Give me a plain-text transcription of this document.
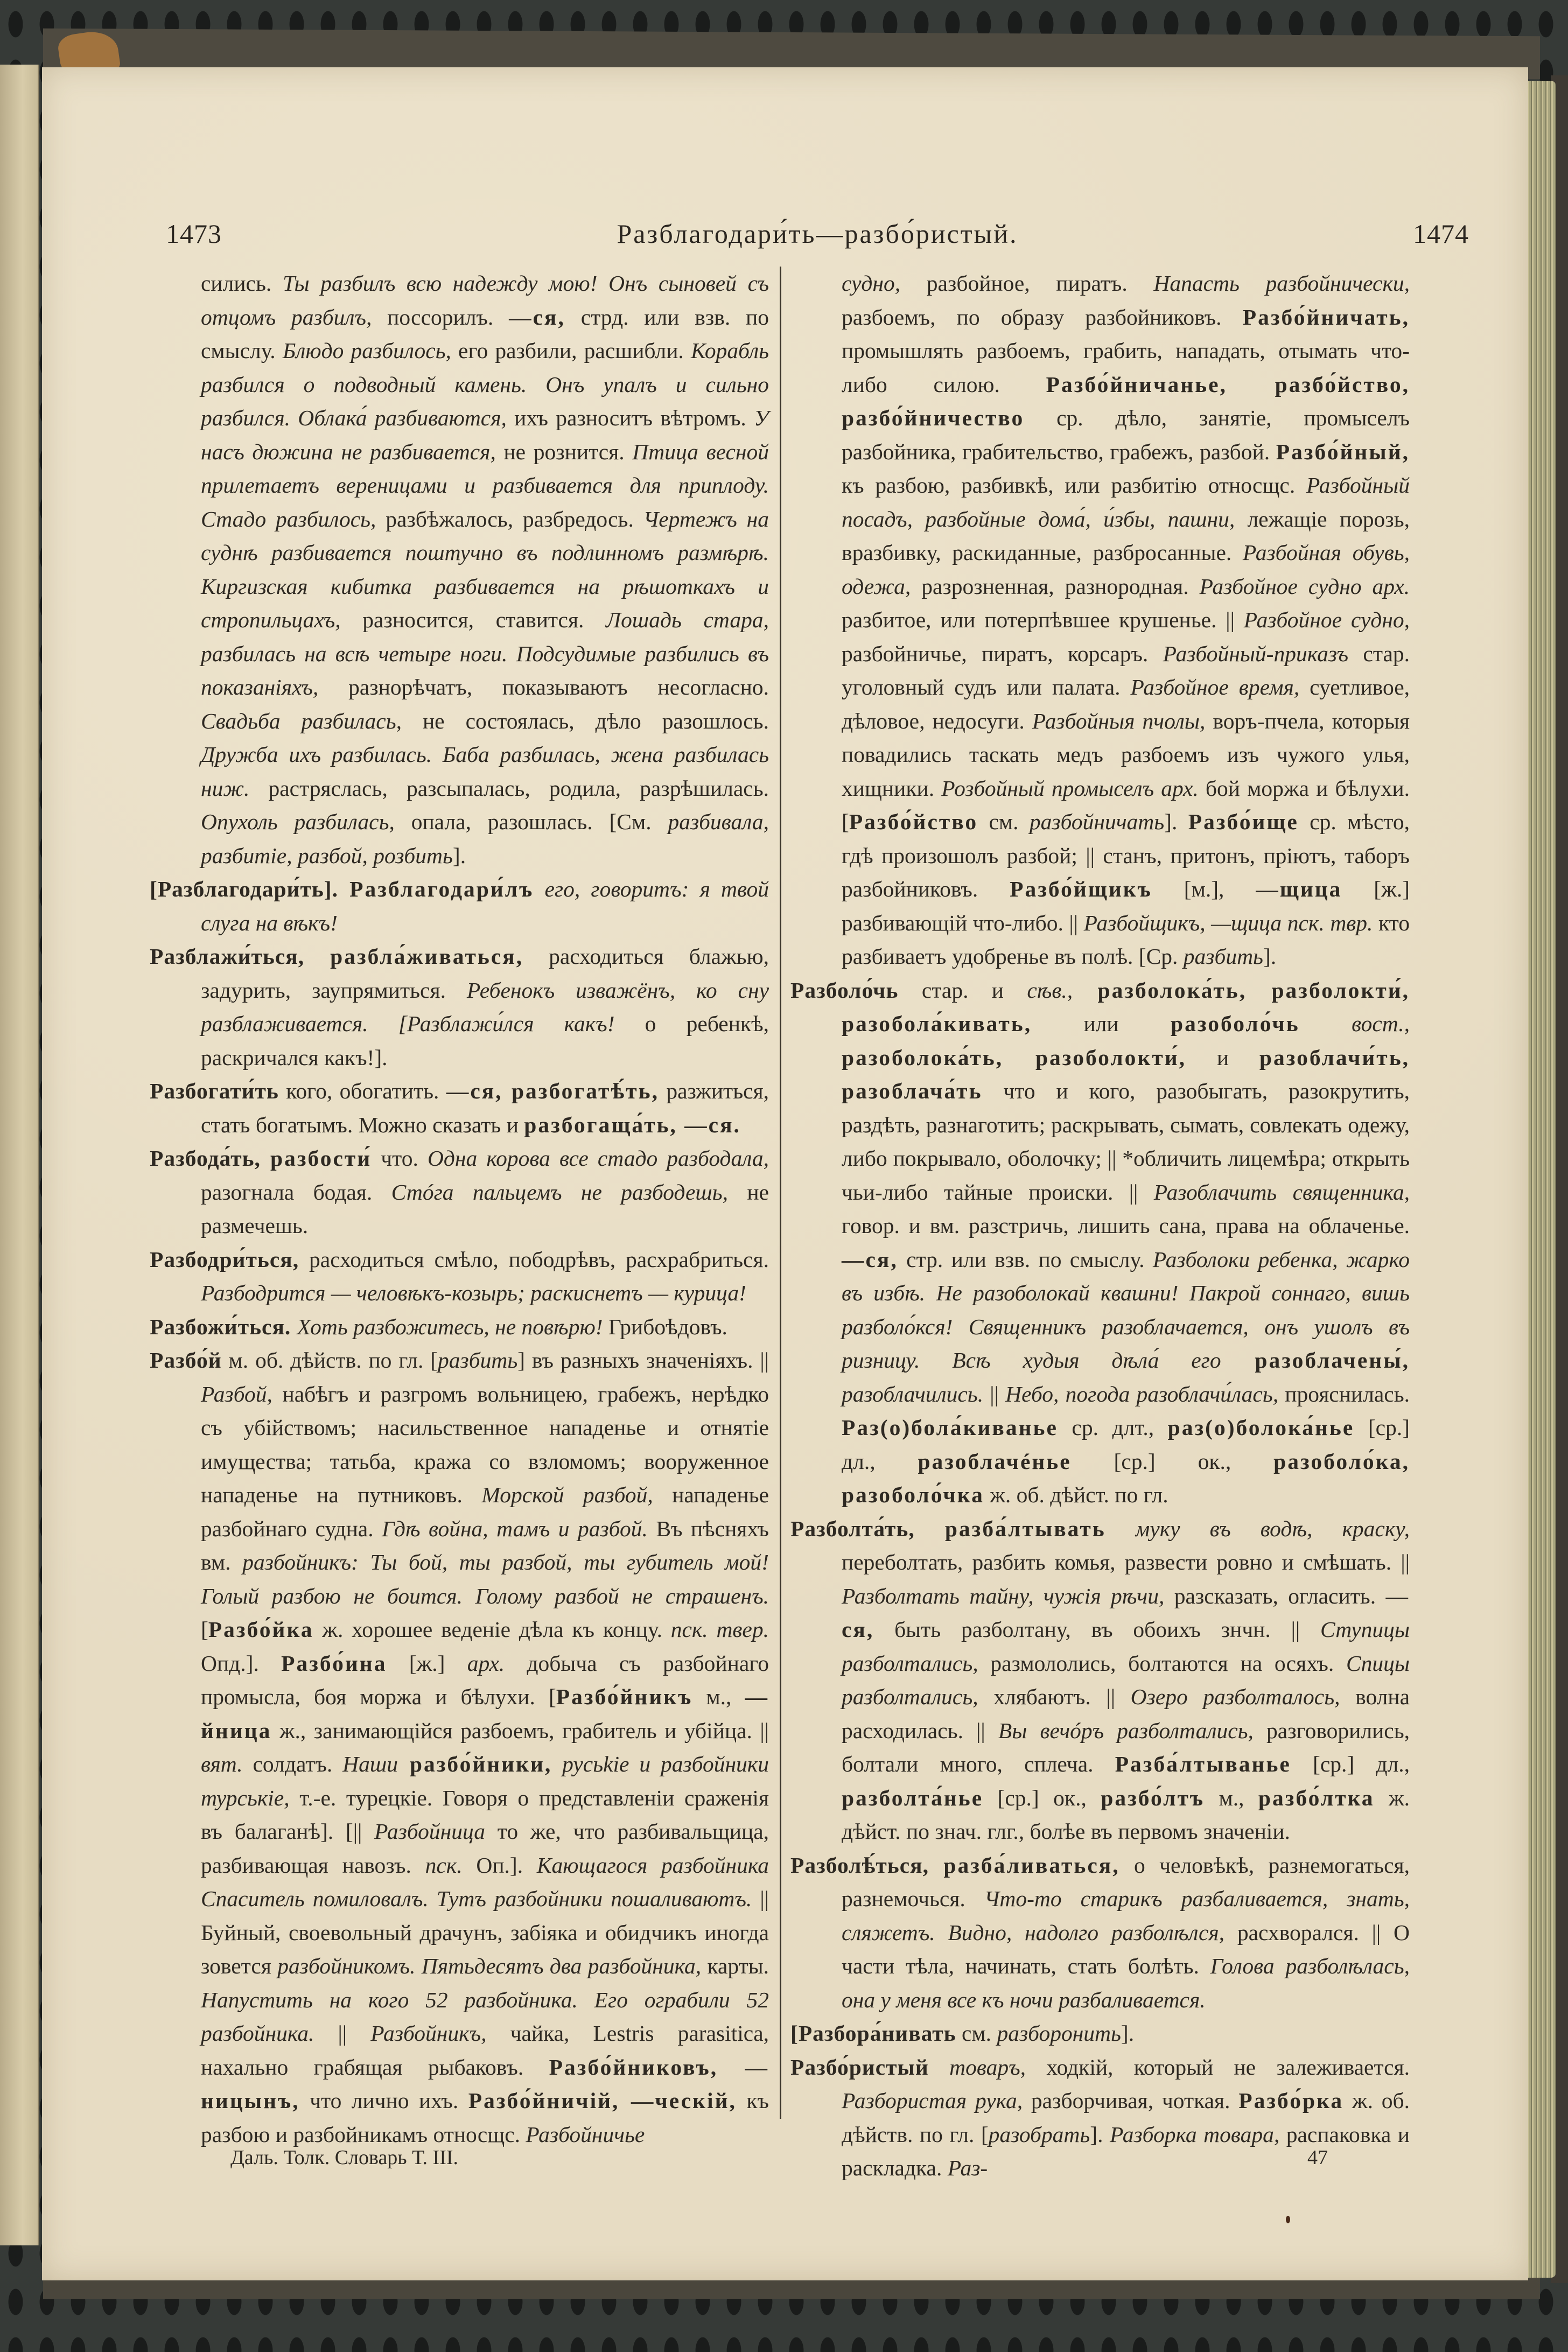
1473	Разблагодари́ть—разбо́ристый.	1474

сились. Ты разбилъ всю надежду мою! Онъ сыновей съ отцомъ разбилъ, поссорилъ. —ся, стрд. или взв. по смыслу. Блюдо разбилось, его разбили, расшибли. Корабль разбился о подводный камень. Онъ упалъ и сильно разбился. Облака́ разбиваются, ихъ разноситъ вѣтромъ. У насъ дюжина не разбивается, не рознится. Птица весной прилетаетъ вереницами и разбивается для приплоду. Стадо разбилось, разбѣжалось, разбредось. Чертежъ на суднѣ разбивается поштучно въ подлинномъ размѣрѣ. Киргизская кибитка разбивается на рѣшоткахъ и стропильцахъ, разносится, ставится. Лошадь стара, разбилась на всѣ четыре ноги. Подсудимые разбились въ показаніяхъ, разнорѣчатъ, показываютъ несогласно. Свадьба разбилась, не состоялась, дѣло разошлось. Дружба ихъ разбилась. Баба разбилась, жена разбилась ниж. растряслась, разсыпалась, родила, разрѣшилась. Опухоль разбилась, опала, разошлась. [См. разбивала, разбитіе, разбой, розбить].

[Разблагодари́ть]. Разблагодари́лъ его, говоритъ: я твой слуга на вѣкъ!

Разблажи́ться, разбла́живаться, расходиться блажью, задурить, заупрямиться. Ребенокъ изважёнъ, ко сну разблаживается. [Разблажи́лся какъ! о ребенкѣ, раскричался какъ!].

Разбогати́ть кого, обогатить. —ся, разбогатѣ́ть, разжиться, стать богатымъ. Можно сказать и разбогаща́ть, —ся.

Разбода́ть, разбости́ что. Одна корова все стадо разбодала, разогнала бодая. Стóга пальцемъ не разбодешь, не размечешь.

Разбодри́ться, расходиться смѣло, пободрѣвъ, расхрабриться. Разбодрится — человѣкъ-козырь; раскиснетъ — курица!

Разбожи́ться. Хоть разбожитесь, не повѣрю! Грибоѣдовъ.

Разбо́й м. об. дѣйств. по гл. [разбить] въ разныхъ значеніяхъ. || Разбой, набѣгъ и разгромъ вольницею, грабежъ, нерѣдко съ убійствомъ; насильственное нападенье и отнятіе имущества; татьба, кража со взломомъ; вооруженное нападенье на путниковъ. Морской разбой, нападенье разбойнаго судна. Гдѣ война, тамъ и разбой. Въ пѣсняхъ вм. разбойникъ: Ты бой, ты разбой, ты губитель мой! Голый разбою не боится. Голому разбой не страшенъ. [Разбо́йка ж. хорошее веденіе дѣла къ концу. пск. твер. Опд.]. Разбо́ина [ж.] арх. добыча съ разбойнаго промысла, боя моржа и бѣлухи. [Разбо́йникъ м., —йница ж., занимающійся разбоемъ, грабитель и убійца. || вят. солдатъ. Наши разбо́йники, русьkie и разбойники турськіе, т.-е. турецкіе. Говоря о представленіи сраженія въ балаганѣ]. [|| Разбойница то же, что разбивальщица, разбивающая навозъ. пск. Оп.]. Кающагося разбойника Спаситель помиловалъ. Тутъ разбойники пошаливаютъ. || Буйный, своевольный драчунъ, забіяка и обидчикъ иногда зовется разбойникомъ. Пятьдесятъ два разбойника, карты. Напустить на кого 52 разбойника. Его ограбили 52 разбойника. || Разбойникъ, чайка, Lestris parasitica, нахально грабящая рыбаковъ. Разбо́йниковъ, —ницынъ, что лично ихъ. Разбо́йничій, —ческій, къ разбою и разбойникамъ относщс. Разбойничье

судно, разбойное, пиратъ. Напасть разбойнически, разбоемъ, по образу разбойниковъ. Разбо́йничать, промышлять разбоемъ, грабить, нападать, отымать что-либо силою. Разбо́йничанье, разбо́йство, разбо́йничество ср. дѣло, занятіе, промыселъ разбойника, грабительство, грабежъ, разбой. Разбо́йный, къ разбою, разбивкѣ, или разбитію относщс. Разбойный посадъ, разбойные дома́, и́збы, пашни, лежащіе порозь, вразбивку, раскиданные, разбросанные. Разбойная обувь, одежа, разрозненная, разнородная. Разбойное судно арх. разбитое, или потерпѣвшее крушенье. || Разбойное судно, разбойничье, пиратъ, корсаръ. Разбойный-приказъ стар. уголовный судъ или палата. Разбойное время, суетливое, дѣловое, недосуги. Разбойныя пчолы, воръ-пчела, которыя повадились таскать медъ разбоемъ изъ чужого улья, хищники. Розбойный промыселъ арх. бой моржа и бѣлухи. [Разбо́йство см. разбойничать]. Разбо́ище ср. мѣсто, гдѣ произошолъ разбой; || станъ, притонъ, пріютъ, таборъ разбойниковъ. Разбо́йщикъ [м.], —щица [ж.] разбивающій что-либо. || Разбойщикъ, —щица пск. твр. кто разбиваетъ удобренье въ полѣ. [Ср. разбить].

Разболо́чь стар. и сѣв., разболока́ть, разболокти́, разобола́кивать, или разоболо́чь вост., разоболока́ть, разоболокти́, и разоблачи́ть, разоблача́ть что и кого, разобыгать, разокрутить, раздѣть, разнаготить; раскрывать, сымать, совлекать одежу, либо покрывало, оболочку; || *обличить лицемѣра; открыть чьи-либо тайные происки. || Разоблачить священника, говор. и вм. разстричь, лишить сана, права на облаченье. —ся, стр. или взв. по смыслу. Разболоки ребенка, жарко въ избѣ. Не разоболокай квашни! Пакрой соннаго, вишь разболо́кся! Священникъ разоблачается, онъ ушолъ въ ризницу. Всѣ худыя дѣла́ его разоблачены́, разоблачились. || Небо, погода разоблачи́лась, прояснилась. Раз(о)бола́киванье ср. длт., раз(о)болока́нье [ср.] дл., разоблачéнье [ср.] ок., разоболо́ка, разоболо́чка ж. об. дѣйст. по гл.

Разболта́ть, разба́лтывать муку въ водѣ, краску, переболтать, разбить комья, развести ровно и смѣшать. || Разболтать тайну, чужія рѣчи, разсказать, огласить. —ся, быть разболтану, въ обоихъ знчн. || Ступицы разболтались, размололись, болтаются на осяхъ. Спицы разболтались, хлябаютъ. || Озеро разболталось, волна расходилась. || Вы вечóръ разболтались, разговорились, болтали много, сплеча. Разба́лтыванье [ср.] дл., разболта́нье [ср.] ок., разбо́лтъ м., разбо́лтка ж. дѣйст. по знач. глг., болѣе въ первомъ значеніи.

Разболѣ́ться, разба́ливаться, о человѣкѣ, разнемогаться, разнемочься. Что-то старикъ разбаливается, знать, сляжетъ. Видно, надолго разболѣлся, расхворался. || О части тѣла, начинать, стать болѣть. Голова разболѣлась, она у меня все къ ночи разбаливается.

[Разбора́нивать см. разборонить].

Разбо́ристый товаръ, ходкій, который не залеживается. Разбористая рука, разборчивая, чоткая. Разбо́рка ж. об. дѣйств. по гл. [разобрать]. Разборка товара, распаковка и раскладка. Раз-

Даль. Толк. Словарь Т. III.	47
